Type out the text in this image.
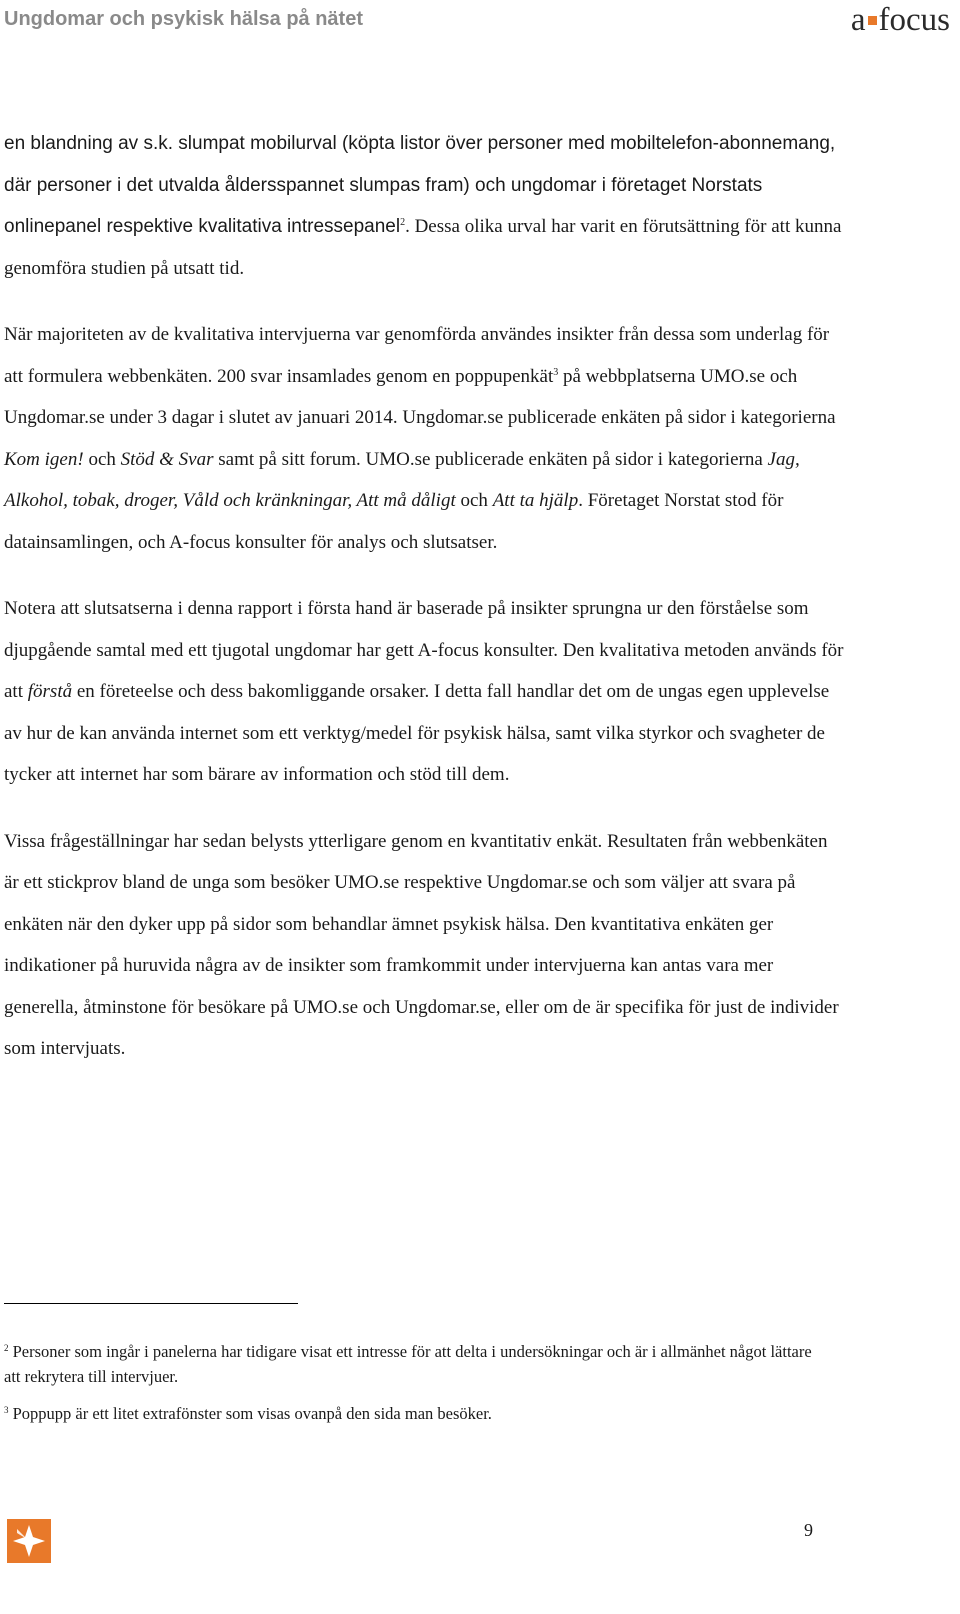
Ungdomar och psykisk hälsa på nätet	a focus

en blandning av s.k. slumpat mobilurval (köpta listor över personer med mobiltelefon-abonnemang, där personer i det utvalda åldersspannet slumpas fram) och ungdomar i företaget Norstats onlinepanel respektive kvalitativa intressepanel$^2$. Dessa olika urval har varit en förutsättning för att kunna genomföra studien på utsatt tid.

När majoriteten av de kvalitativa intervjuerna var genomförda användes insikter från dessa som underlag för att formulera webbenkäten. 200 svar insamlades genom en poppupenkät$^3$ på webbplatserna UMO.se och Ungdomar.se under 3 dagar i slutet av januari 2014. Ungdomar.se publicerade enkäten på sidor i kategorierna Kom igen! och Stöd & Svar samt på sitt forum. UMO.se publicerade enkäten på sidor i kategorierna Jag, Alkohol, tobak, droger, Våld och kränkningar, Att må dåligt och Att ta hjälp. Företaget Norstat stod för datainsamlingen, och A-focus konsulter för analys och slutsatser.

Notera att slutsatserna i denna rapport i första hand är baserade på insikter sprungna ur den förståelse som djupgående samtal med ett tjugotal ungdomar har gett A-focus konsulter. Den kvalitativa metoden används för att förstå en företeelse och dess bakomliggande orsaker. I detta fall handlar det om de ungas egen upplevelse av hur de kan använda internet som ett verktyg/medel för psykisk hälsa, samt vilka styrkor och svagheter de tycker att internet har som bärare av information och stöd till dem.

Vissa frågeställningar har sedan belysts ytterligare genom en kvantitativ enkät. Resultaten från webbenkäten är ett stickprov bland de unga som besöker UMO.se respektive Ungdomar.se och som väljer att svara på enkäten när den dyker upp på sidor som behandlar ämnet psykisk hälsa. Den kvantitativa enkäten ger indikationer på huruvida några av de insikter som framkommit under intervjuerna kan antas vara mer generella, åtminstone för besökare på UMO.se och Ungdomar.se, eller om de är specifika för just de individer som intervjuats.

$^2$ Personer som ingår i panelerna har tidigare visat ett intresse för att delta i undersökningar och är i allmänhet något lättare att rekrytera till intervjuer.
$^3$ Poppupp är ett litet extrafönster som visas ovanpå den sida man besöker.
9
